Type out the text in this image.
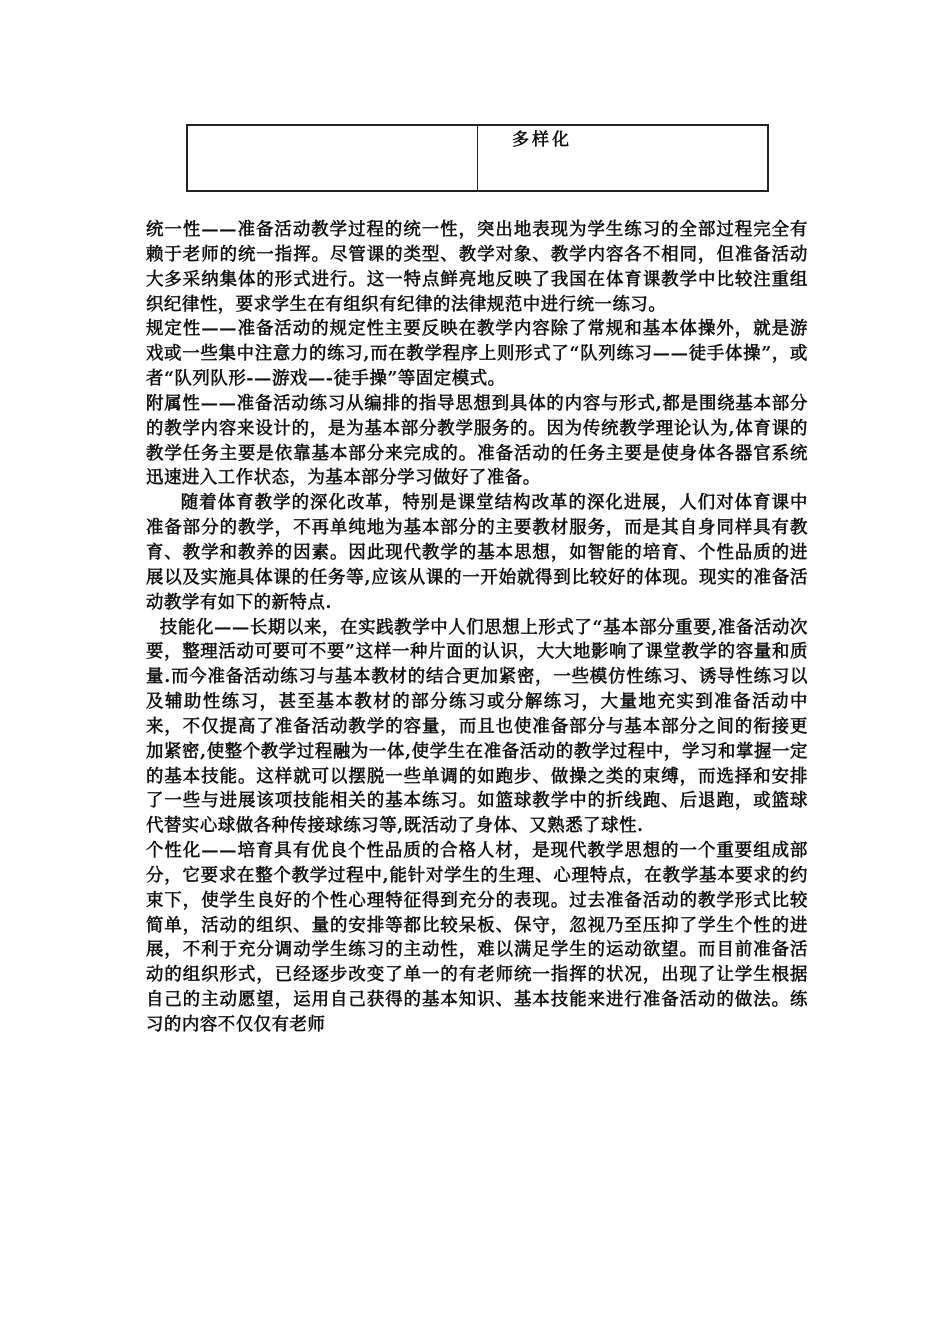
多样化

统一性——准备活动教学过程的统一性，突出地表现为学生练习的全部过程完全有赖于老师的统一指挥。尽管课的类型、教学对象、教学内容各不相同，但准备活动大多采纳集体的形式进行。这一特点鲜亮地反映了我国在体育课教学中比较注重组织纪律性，要求学生在有组织有纪律的法律规范中进行统一练习。

规定性——准备活动的规定性主要反映在教学内容除了常规和基本体操外，就是游戏或一些集中注意力的练习,而在教学程序上则形式了“队列练习——徒手体操”，或者“队列队形-—游戏—-徒手操”等固定模式。

附属性——准备活动练习从编排的指导思想到具体的内容与形式,都是围绕基本部分的教学内容来设计的，是为基本部分教学服务的。因为传统教学理论认为,体育课的教学任务主要是依靠基本部分来完成的。准备活动的任务主要是使身体各器官系统迅速进入工作状态，为基本部分学习做好了准备。

随着体育教学的深化改革，特别是课堂结构改革的深化进展，人们对体育课中准备部分的教学，不再单纯地为基本部分的主要教材服务，而是其自身同样具有教育、教学和教养的因素。因此现代教学的基本思想，如智能的培育、个性品质的进展以及实施具体课的任务等,应该从课的一开始就得到比较好的体现。现实的准备活动教学有如下的新特点.

技能化——长期以来，在实践教学中人们思想上形式了“基本部分重要,准备活动次要，整理活动可要可不要”这样一种片面的认识，大大地影响了课堂教学的容量和质量.而今准备活动练习与基本教材的结合更加紧密，一些模仿性练习、诱导性练习以及辅助性练习，甚至基本教材的部分练习或分解练习，大量地充实到准备活动中来，不仅提高了准备活动教学的容量，而且也使准备部分与基本部分之间的衔接更加紧密,使整个教学过程融为一体,使学生在准备活动的教学过程中，学习和掌握一定的基本技能。这样就可以摆脱一些单调的如跑步、做操之类的束缚，而选择和安排了一些与进展该项技能相关的基本练习。如篮球教学中的折线跑、后退跑，或篮球代替实心球做各种传接球练习等,既活动了身体、又熟悉了球性.

个性化——培育具有优良个性品质的合格人材，是现代教学思想的一个重要组成部分，它要求在整个教学过程中,能针对学生的生理、心理特点，在教学基本要求的约束下，使学生良好的个性心理特征得到充分的表现。过去准备活动的教学形式比较简单，活动的组织、量的安排等都比较呆板、保守，忽视乃至压抑了学生个性的进展，不利于充分调动学生练习的主动性，难以满足学生的运动欲望。而目前准备活动的组织形式，已经逐步改变了单一的有老师统一指挥的状况，出现了让学生根据自己的主动愿望，运用自己获得的基本知识、基本技能来进行准备活动的做法。练习的内容不仅仅有老师
